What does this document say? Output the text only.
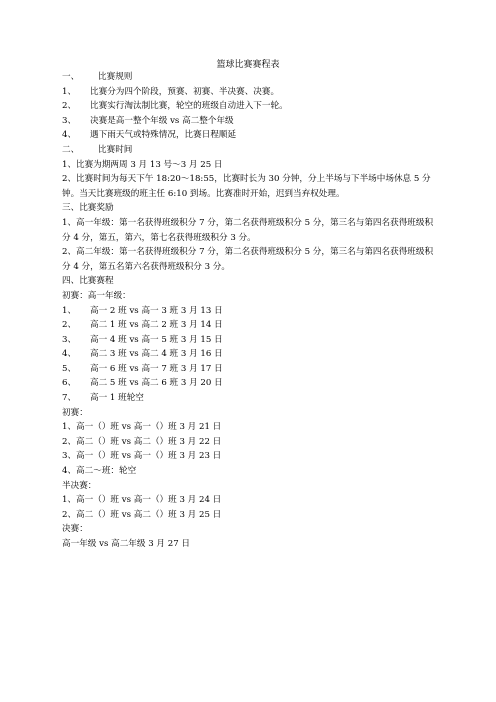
篮球比赛赛程表
一、 比赛规则
1、 比赛分为四个阶段，预赛、初赛、半决赛、决赛。
2、 比赛实行淘汰制比赛，轮空的班级自动进入下一轮。
3、 决赛是高一整个年级 vs 高二整个年级
4、 遇下雨天气或特殊情况，比赛日程顺延
二、 比赛时间
1、比赛为期两周 3 月 13 号～3 月 25 日
2、比赛时间为每天下午 18:20～18:55，比赛时长为 30 分钟，分上半场与下半场中场休息 5 分钟。当天比赛班级的班主任 6:10 到场。比赛准时开始，迟到当弃权处理。
三、比赛奖励
1、高一年级：第一名获得班级积分 7 分，第二名获得班级积分 5 分，第三名与第四名获得班级积分 4 分，第五，第六，第七名获得班级积分 3 分。
2、高二年级：第一名获得班级积分 7 分，第二名获得班级积分 5 分，第三名与第四名获得班级积分 4 分，第五名第六名获得班级积分 3 分。
四、比赛赛程
初赛：高一年级：
1、 高一 2 班 vs 高一 3 班 3 月 13 日
2、 高二 1 班 vs 高二 2 班 3 月 14 日
3、 高一 4 班 vs 高一 5 班 3 月 15 日
4、 高二 3 班 vs 高二 4 班 3 月 16 日
5、 高一 6 班 vs 高一 7 班 3 月 17 日
6、 高二 5 班 vs 高二 6 班 3 月 20 日
7、 高一 1 班轮空
初赛：
1、高一（）班 vs 高一（）班 3 月 21 日
2、高二（）班 vs 高二（）班 3 月 22 日
3、高一（）班 vs 高一（）班 3 月 23 日
4、高二～班：轮空
半决赛：
1、高一（）班 vs 高一（）班 3 月 24 日
2、高二（）班 vs 高二（）班 3 月 25 日
决赛：
高一年级 vs 高二年级 3 月 27 日
